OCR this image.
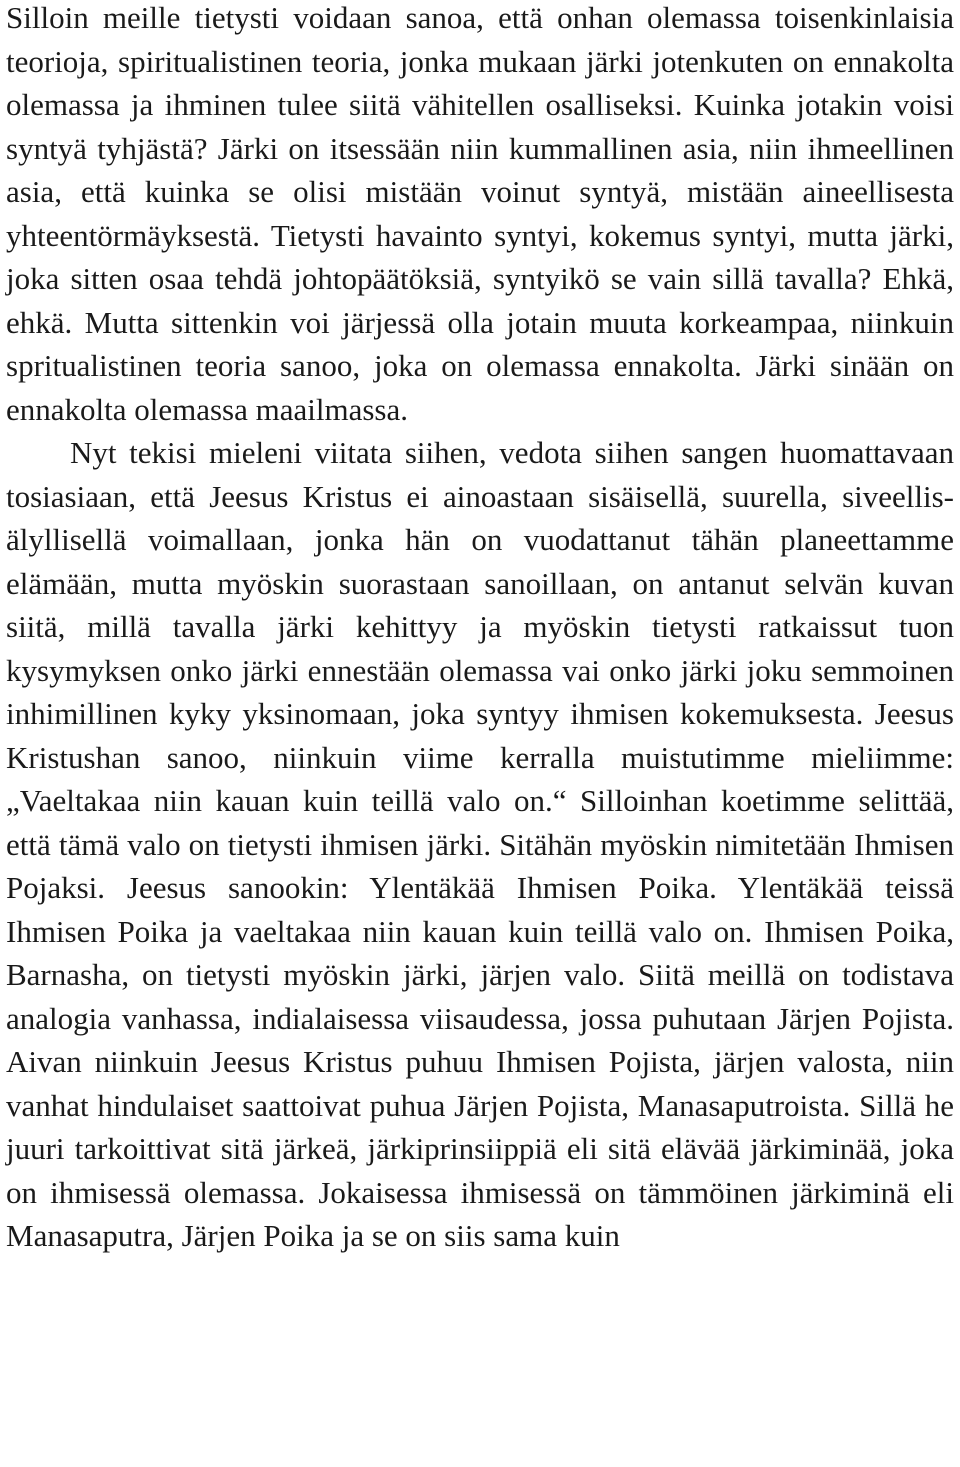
Silloin meille tietysti voidaan sanoa, että onhan olemassa toisenkinlaisia teorioja, spiritualistinen teoria, jonka mukaan järki jotenkuten on ennakolta olemassa ja ihminen tulee siitä vähitellen osalliseksi. Kuinka jotakin voisi syntyä tyhjästä? Järki on itsessään niin kummallinen asia, niin ihmeellinen asia, että kuinka se olisi mistään voinut syntyä, mistään aineellisesta yhteentörmäyksestä. Tietysti havainto syntyi, kokemus syntyi, mutta järki, joka sitten osaa tehdä johtopäätöksiä, syntyikö se vain sillä tavalla? Ehkä, ehkä. Mutta sittenkin voi järjessä olla jotain muuta korkeampaa, niinkuin spritualistinen teoria sanoo, joka on olemassa ennakolta. Järki sinään on ennakolta olemassa maailmassa.

Nyt tekisi mieleni viitata siihen, vedota siihen sangen huomattavaan tosiasiaan, että Jeesus Kristus ei ainoastaan sisäisellä, suurella, siveellis-älyllisellä voimallaan, jonka hän on vuodattanut tähän planeettamme elämään, mutta myöskin suorastaan sanoillaan, on antanut selvän kuvan siitä, millä tavalla järki kehittyy ja myöskin tietysti ratkaissut tuon kysymyksen onko järki ennestään olemassa vai onko järki joku semmoinen inhimillinen kyky yksinomaan, joka syntyy ihmisen kokemuksesta. Jeesus Kristushan sanoo, niinkuin viime kerralla muistutimme mieliimme: „Vaeltakaa niin kauan kuin teillä valo on.“ Silloinhan koetimme selittää, että tämä valo on tietysti ihmisen järki. Sitähän myöskin nimitetään Ihmisen Pojaksi. Jeesus sanookin: Ylentäkää Ihmisen Poika. Ylentäkää teissä Ihmisen Poika ja vaeltakaa niin kauan kuin teillä valo on. Ihmisen Poika, Barnasha, on tietysti myöskin järki, järjen valo. Siitä meillä on todistava analogia vanhassa, indialaisessa viisaudessa, jossa puhutaan Järjen Pojista. Aivan niinkuin Jeesus Kristus puhuu Ihmisen Pojista, järjen valosta, niin vanhat hindulaiset saattoivat puhua Järjen Pojista, Manasaputroista. Sillä he juuri tarkoittivat sitä järkeä, järkiprinsiippiä eli sitä elävää järkiminää, joka on ihmisessä olemassa. Jokaisessa ihmisessä on tämmöinen järkiminä eli Manasaputra, Järjen Poika ja se on siis sama kuin
